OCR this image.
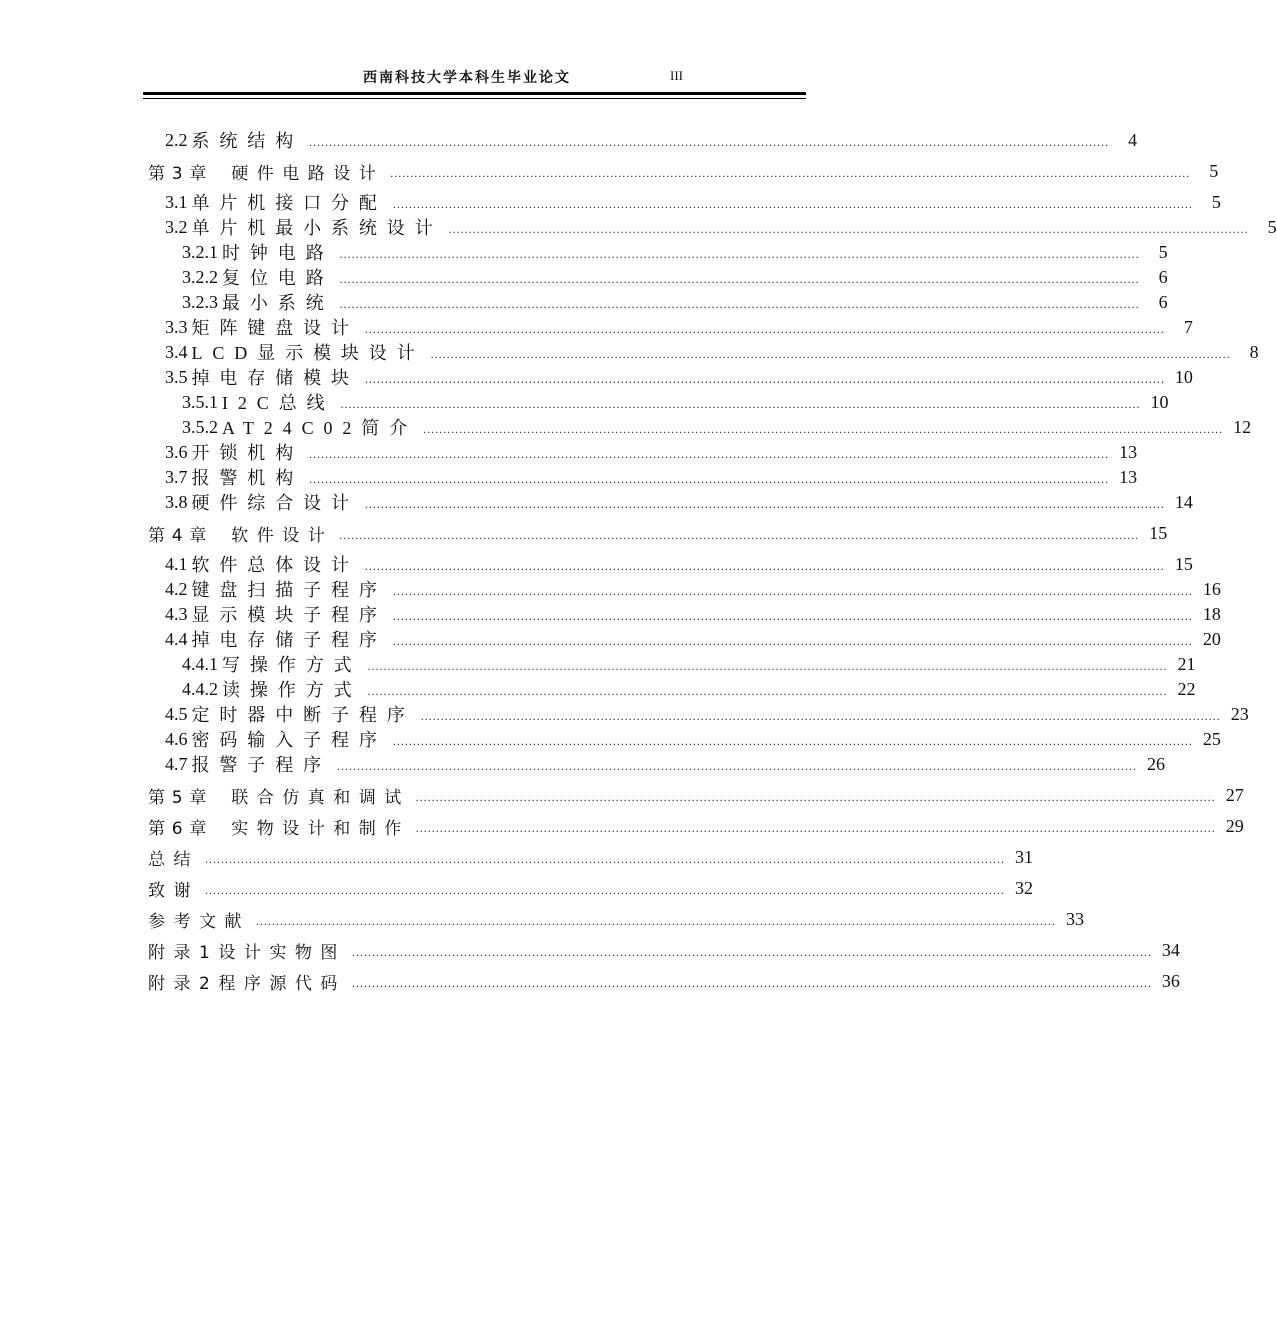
西南科技大学本科生毕业论文	III
2.2 系统结构 ........................................................................................................................................................................................................	4
第3章 硬件电路设计 ........................................................................................................................................................................................................	5
3.1 单片机接口分配 ........................................................................................................................................................................................................	5
3.2 单片机最小系统设计 ........................................................................................................................................................................................................	5
3.2.1 时钟电路 ........................................................................................................................................................................................................	5
3.2.2 复位电路 ........................................................................................................................................................................................................	6
3.2.3 最小系统 ........................................................................................................................................................................................................	6
3.3 矩阵键盘设计 ........................................................................................................................................................................................................	7
3.4 LCD显示模块设计 ........................................................................................................................................................................................................	8
3.5 掉电存储模块 ........................................................................................................................................................................................................ 10
3.5.1 I2C总线 ........................................................................................................................................................................................................ 10
3.5.2 AT24C02简介 ........................................................................................................................................................................................................ 12
3.6 开锁机构 ........................................................................................................................................................................................................ 13
3.7 报警机构 ........................................................................................................................................................................................................ 13
3.8 硬件综合设计 ........................................................................................................................................................................................................ 14
第4章 软件设计 ........................................................................................................................................................................................................ 15
4.1 软件总体设计 ........................................................................................................................................................................................................ 15
4.2 键盘扫描子程序 ........................................................................................................................................................................................................ 16
4.3 显示模块子程序 ........................................................................................................................................................................................................ 18
4.4 掉电存储子程序 ........................................................................................................................................................................................................ 20
4.4.1 写操作方式 ........................................................................................................................................................................................................ 21
4.4.2 读操作方式 ........................................................................................................................................................................................................ 22
4.5 定时器中断子程序 ........................................................................................................................................................................................................ 23
4.6 密码输入子程序 ........................................................................................................................................................................................................ 25
4.7 报警子程序 ........................................................................................................................................................................................................ 26
第5章 联合仿真和调试 ........................................................................................................................................................................................................ 27
第6章 实物设计和制作 ........................................................................................................................................................................................................ 29
总结 ........................................................................................................................................................................................................ 31
致谢 ........................................................................................................................................................................................................ 32
参考文献 ........................................................................................................................................................................................................ 33
附录1设计实物图 ........................................................................................................................................................................................................ 34
附录2程序源代码 ........................................................................................................................................................................................................ 36
